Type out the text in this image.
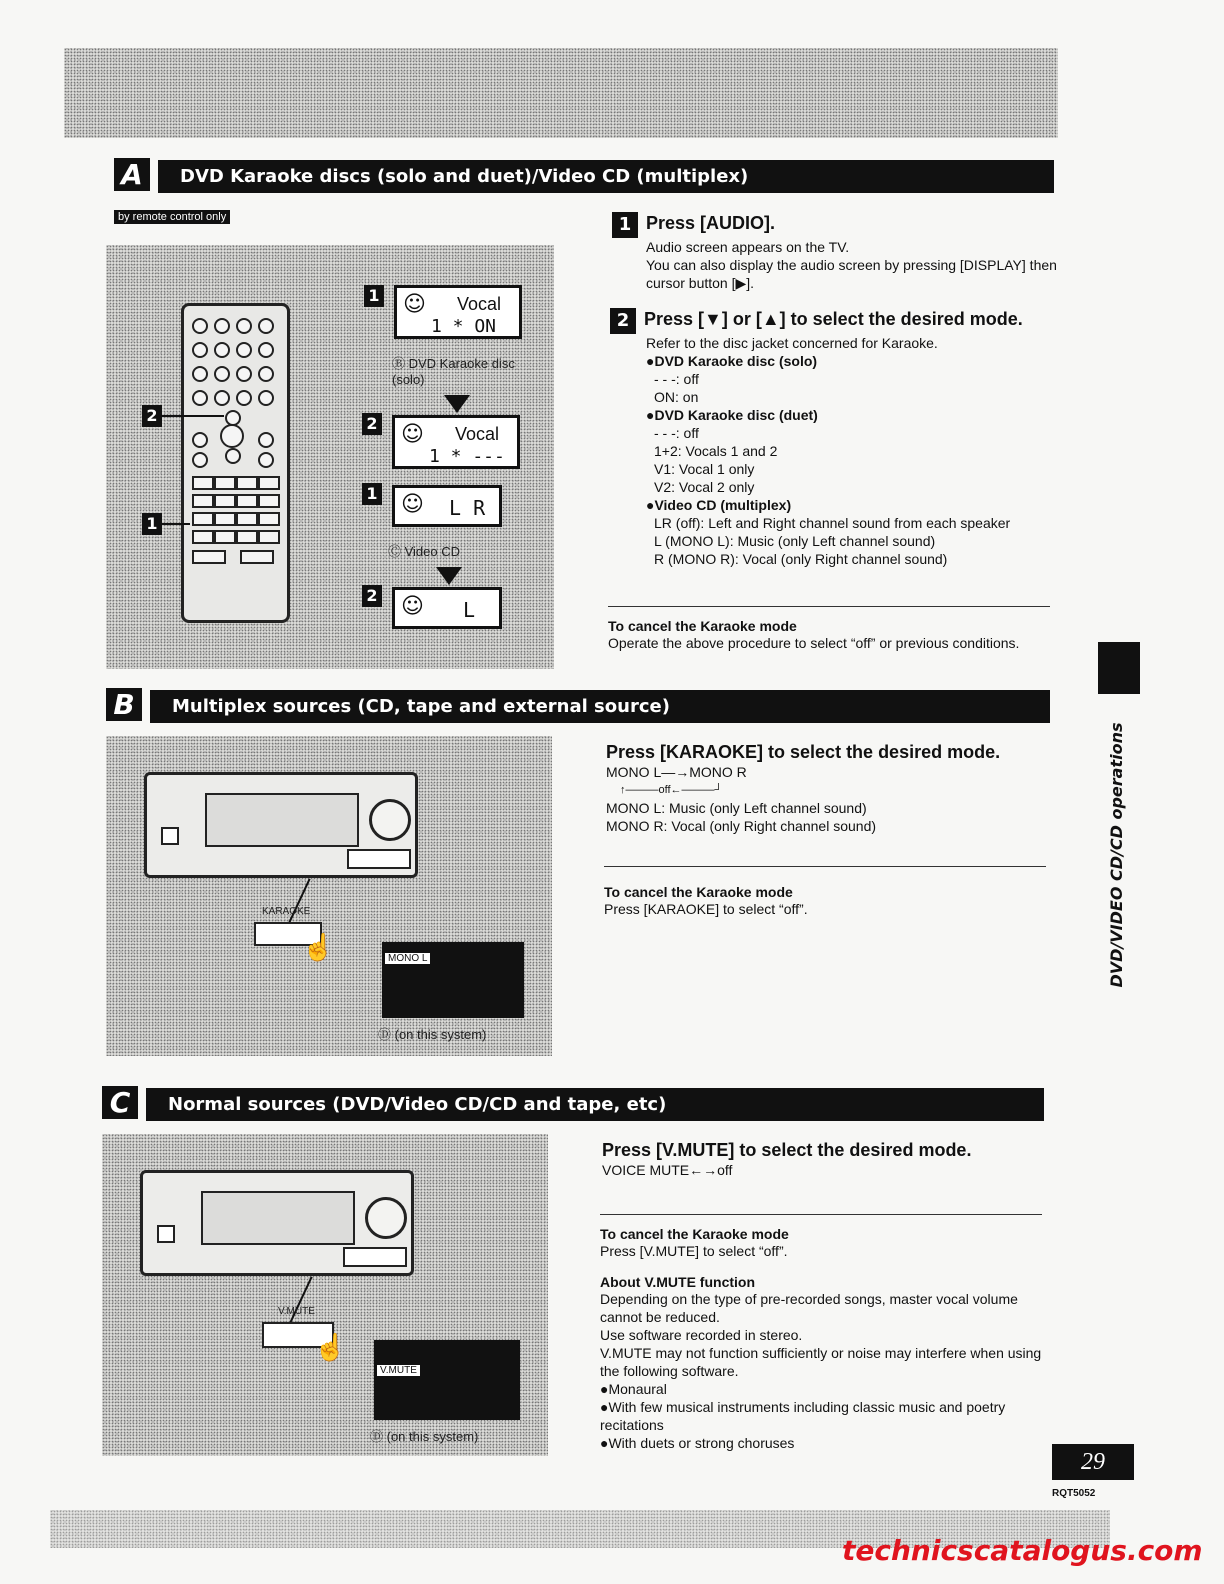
A	DVD Karaoke discs (solo and duet)/Video CD (multiplex)
by remote control only
2
1
1 ☺ Vocal
1 * ON
Ⓑ DVD Karaoke disc (solo)
2 ☺ Vocal
1 * ---
1 ☺ L R
Ⓒ Video CD
2 ☺ L
1 Press [AUDIO].
Audio screen appears on the TV.
You can also display the audio screen by pressing [DISPLAY] then cursor button [▶].
2 Press [▼] or [▲] to select the desired mode.
Refer to the disc jacket concerned for Karaoke.
●DVD Karaoke disc (solo)
- - -: off
ON: on
●DVD Karaoke disc (duet)
- - -: off
1+2: Vocals 1 and 2
V1: Vocal 1 only
V2: Vocal 2 only
●Video CD (multiplex)
LR (off): Left and Right channel sound from each speaker
L (MONO L): Music (only Left channel sound)
R (MONO R): Vocal (only Right channel sound)
To cancel the Karaoke mode
Operate the above procedure to select “off” or previous conditions.
B	Multiplex sources (CD, tape and external source)
KARAOKE
☝	MONO L
Ⓓ (on this system)
Press [KARAOKE] to select the desired mode.
MONO L—→MONO R
↑———off←———┘
MONO L: Music (only Left channel sound)
MONO R: Vocal (only Right channel sound)
To cancel the Karaoke mode
Press [KARAOKE] to select “off”.
C	Normal sources (DVD/Video CD/CD and tape, etc)
V.MUTE
☝
V.MUTE
Ⓓ (on this system)
Press [V.MUTE] to select the desired mode.
VOICE MUTE←→off
To cancel the Karaoke mode
Press [V.MUTE] to select “off”.
About V.MUTE function
Depending on the type of pre-recorded songs, master vocal volume cannot be reduced.
Use software recorded in stereo.
V.MUTE may not function sufficiently or noise may interfere when using the following software.
●Monaural
●With few musical instruments including classic music and poetry recitations
●With duets or strong choruses
DVD/VIDEO CD/CD operations
29
RQT5052
technicscatalogus.com
